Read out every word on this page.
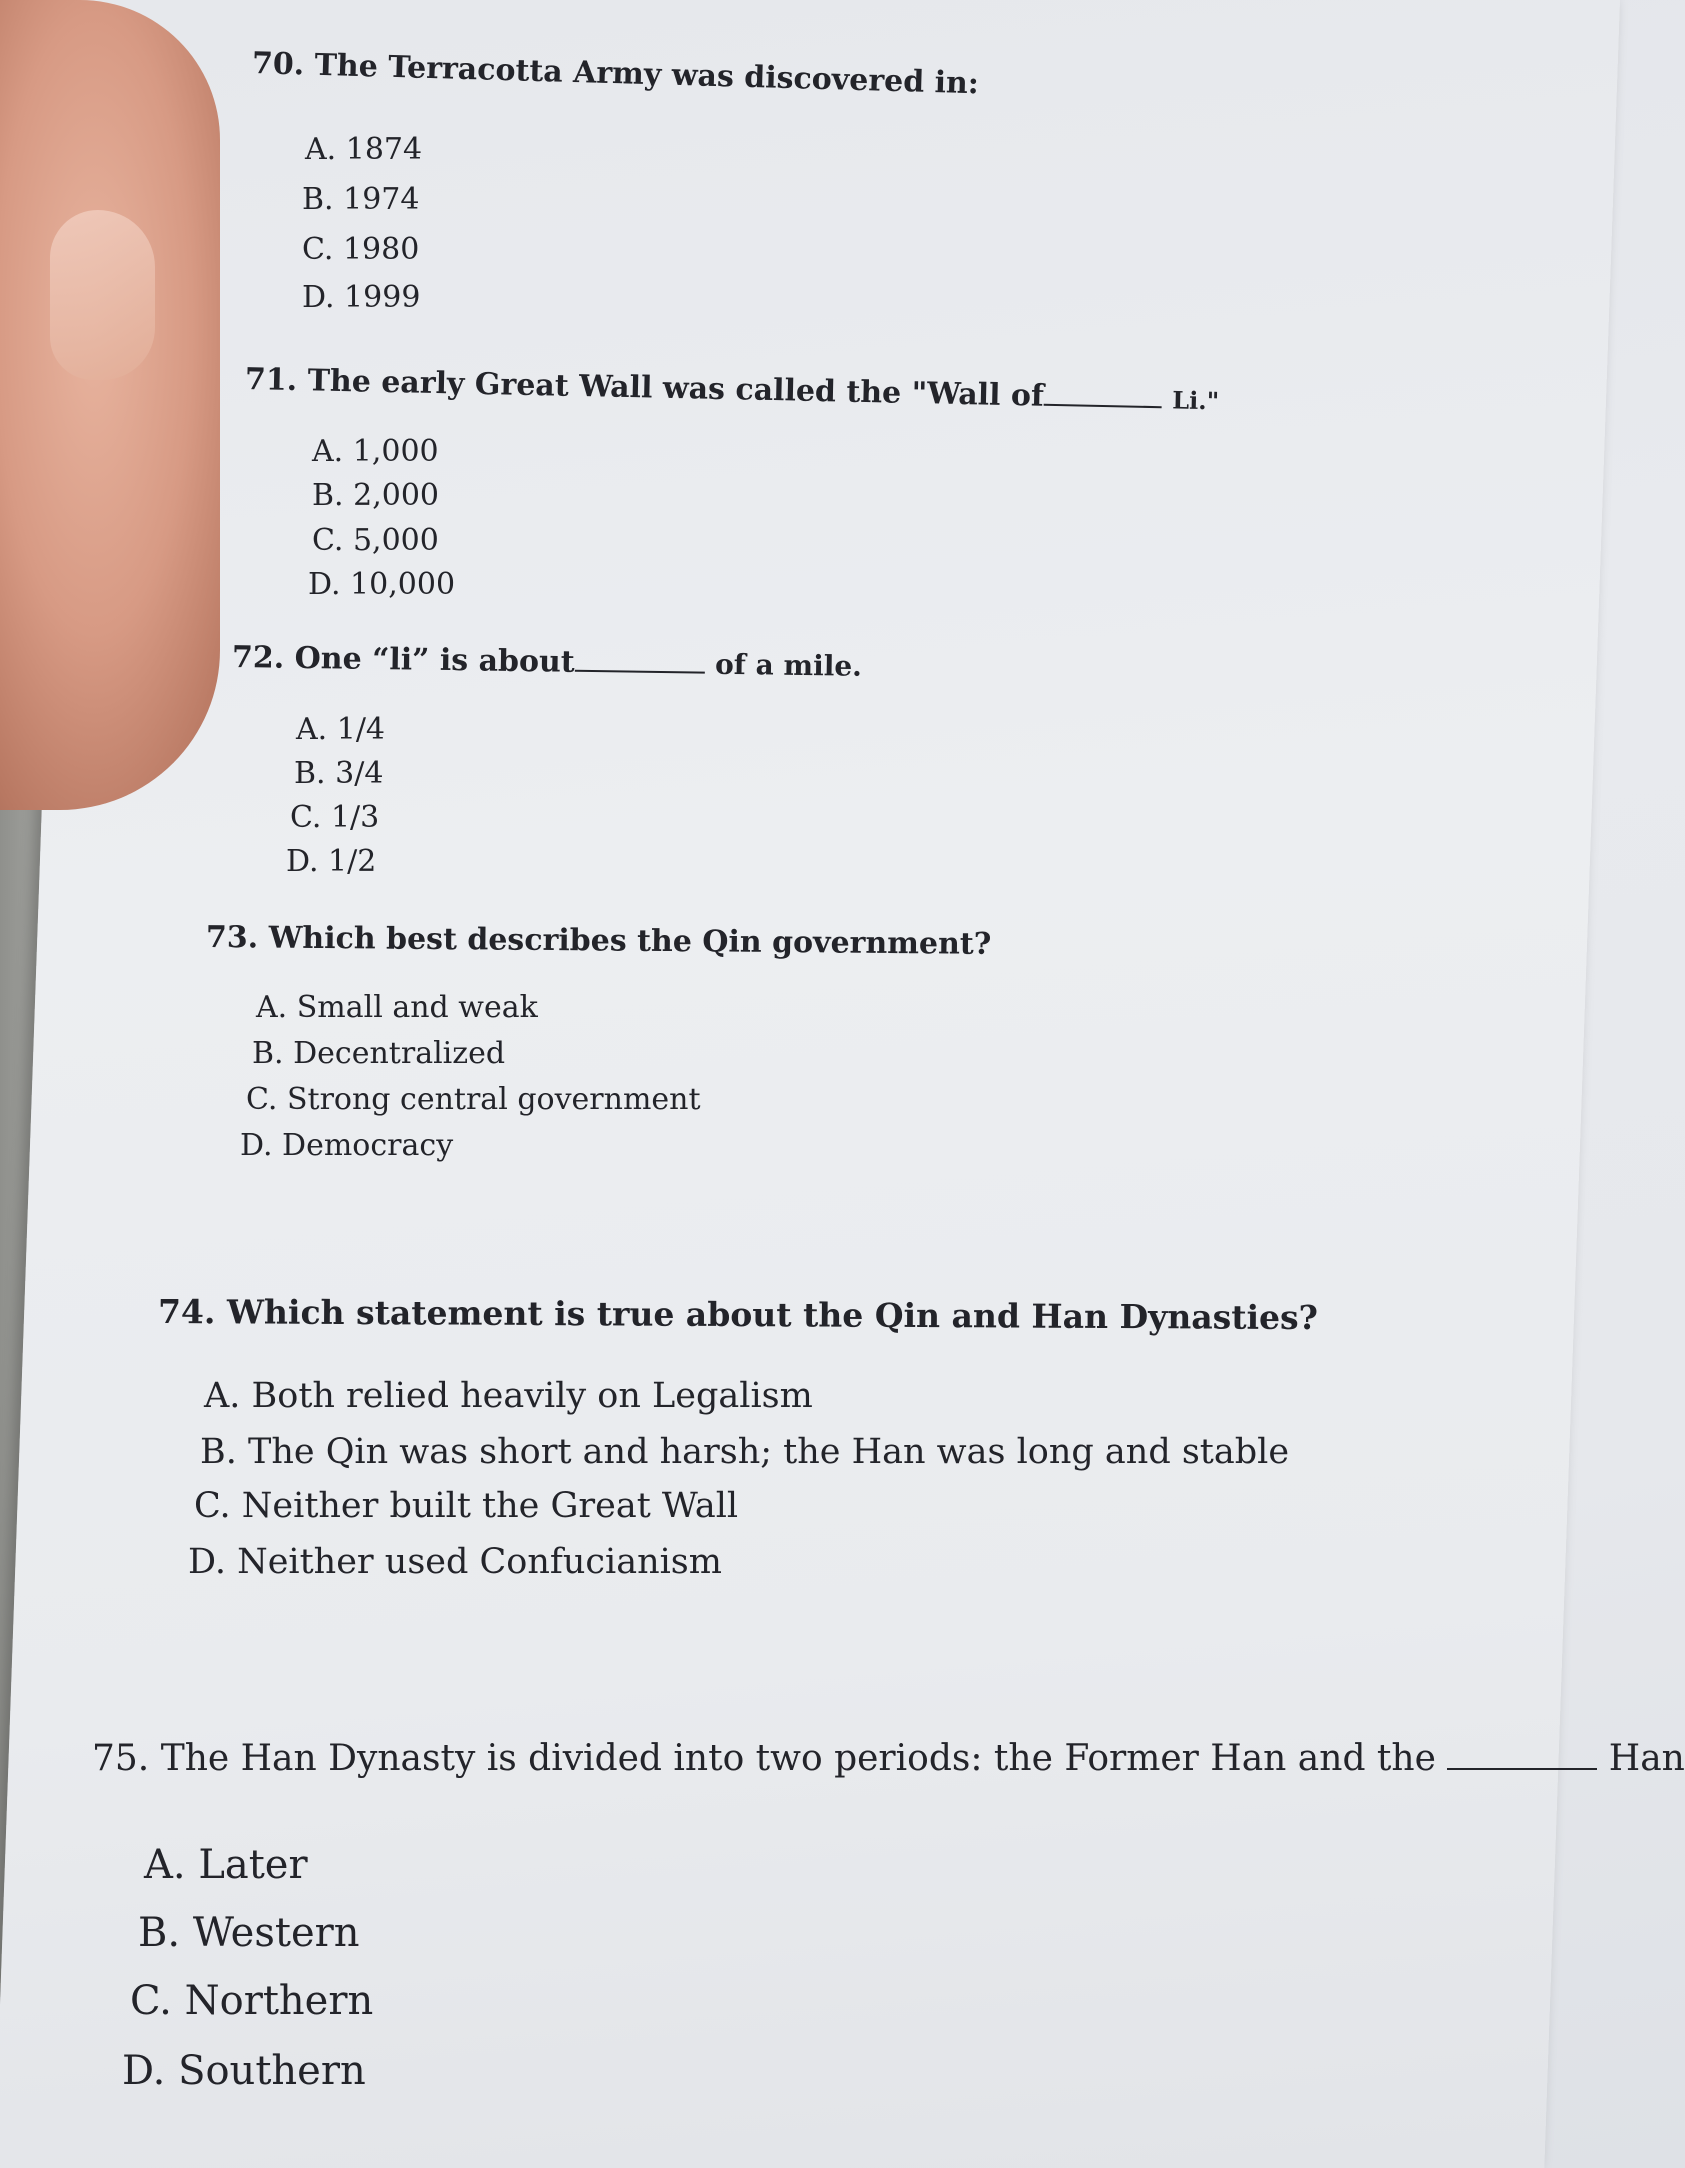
70. The Terracotta Army was discovered in:
A. 1874
B. 1974
C. 1980
D. 1999
71. The early Great Wall was called the "Wall of	Li."
A. 1,000
B. 2,000
C. 5,000
D. 10,000
72. One “li” is about	of a mile.
A. 1/4
B. 3/4
C. 1/3
D. 1/2
73. Which best describes the Qin government?
A. Small and weak
B. Decentralized
C. Strong central government
D. Democracy
74. Which statement is true about the Qin and Han Dynasties?
A. Both relied heavily on Legalism
B. The Qin was short and harsh; the Han was long and stable
C. Neither built the Great Wall
D. Neither used Confucianism
75. The Han Dynasty is divided into two periods: the Former Han and the	Han
A. Later
B. Western
C. Northern
D. Southern
